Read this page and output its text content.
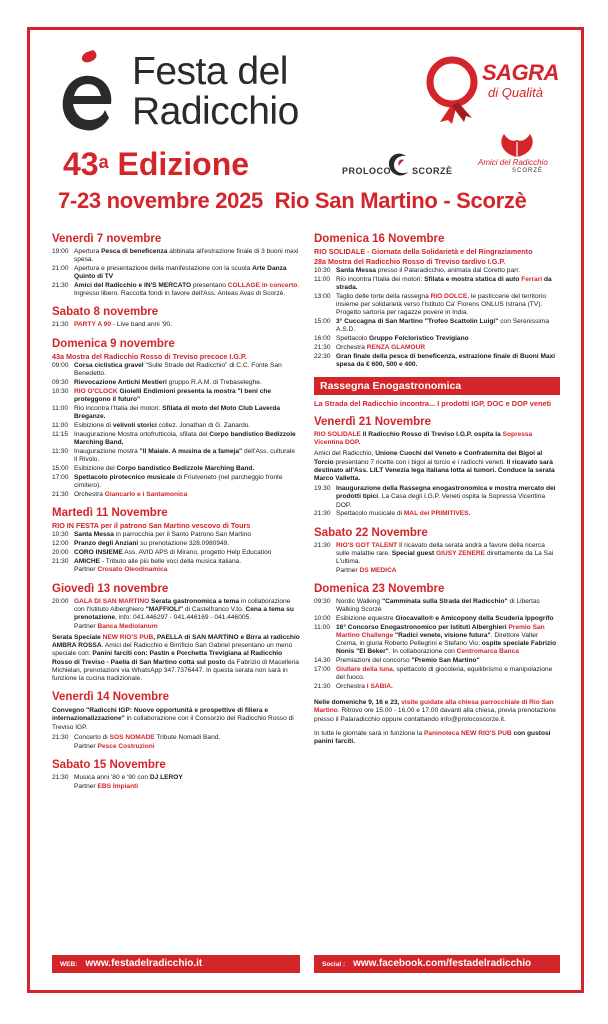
Festa del
Radicchio
43$^a$ Edizione
7-23 novembre 2025 Rio San Martino - Scorzè
SAGRA
di Qualità
PROLOCO SCORZÈ
Amici del Radicchio
SCORZÈ
Venerdì 7 novembre
19:00 Apertura Pesca di beneficenza abbinata all'estrazione finale di 3 buoni maxi spesa.
21:00 Apertura e presentazione della manifestazione con la scuola Arte Danza Quinto di TV
21:30 Amici del Radicchio e IN'S MERCATO presentano COLLAGE in concerto. Ingresso libero. Raccolta fondi in favore dell'Ass. Anteas Avas di Scorzè.
Sabato 8 novembre
21:30 PARTY A 90 - Live band anni '90.
Domenica 9 novembre
43a Mostra del Radicchio Rosso di Treviso precoce I.G.P.
09:00 Corsa ciclistica gravel "Sulle Strade del Radicchio" di C.C. Fonte San Benedetto.
09:30 Rievocazione Antichi Mestieri gruppo R.A.M. di Trebaseleghe.
10:30 RIO O'CLOCK Gioielli Endimioni presenta la mostra "I beni che proteggono il futuro"
11:00 Rio incontra l'Italia dei motori: Sfilata di moto del Moto Club Laverda Breganze.
11:00 Esibizione di velivoli storici collez. Jonathan di G. Zanardo.
11:15 Inaugurazione Mostra ortofrutticola, sfilata del Corpo bandistico Bedizzole Marching Band.
11:30 Inaugurazione mostra "Il Maiale. A musina de a fameja" dell'Ass. culturale Il Rivolo.
15:00 Esibizione del Corpo bandistico Bedizzole Marching Band.
17:00 Spettacolo pirotecnico musicale di Friulveneto (nel parcheggio fronte cimitero).
21:30 Orchestra Giancarlo e i Santamonica
Martedì 11 Novembre
RIO IN FESTA per il patrono San Martino vescovo di Tours
10:30 Santa Messa in parrocchia per il Santo Patrono San Martino
12:00 Pranzo degli Anziani su prenotazione 328.0980949.
20:00 CORO INSIEME Ass. AVID APS di Mirano, progetto Help Education
21:30 AMICHE - Tributo alle più belle voci della musica italiana.
Partner Crosato Oleodinamica
Giovedì 13 novembre
20:00 GALA DI SAN MARTINO Serata gastronomica a tema in collaborazione con l'Istituto Alberghiero "MAFFIOLI" di Castelfranco V.to. Cena a tema su prenotazione, info: 041.446297 - 041.446169 - 041.446005.
Partner Banca Mediolanum
Serata Speciale NEW RIO'S PUB, PAELLA di SAN MARTINO e Birra al radicchio AMBRA ROSSA. Amici del Radicchio e Birrificio San Gabriel presentano un menù speciale con: Panini farciti con: Pastin e Porchetta Trevigiana al Radicchio Rosso di Treviso - Paella di San Martino cotta sul posto da Fabrizio di Macelleria Michielan, prenotazioni via WhatsApp 347.7376447. In questa serata non sarà in funzione la cucina tradizionale.
Venerdì 14 Novembre
Convegno "Radicchi IGP: Nuove opportunità e prospettive di filiera e internazionalizzazione" in collaborazione con il Consorzio del Radicchio Rosso di Treviso IGP.
21:30 Concerto di SOS NOMADE Tribute Nomadi Band.
Partner Pesce Costruzioni
Sabato 15 Novembre
21:30 Musica anni '80 e '90 con DJ LEROY
Partner EBS Impianti
Domenica 16 Novembre
RIO SOLIDALE - Giornata della Solidarietà e del Ringraziamento
28a Mostra del Radicchio Rosso di Treviso tardivo I.G.P.
10:30 Santa Messa presso il Palaradicchio, animata dal Coretto parr.
11:00 Rio incontra l'Italia dei motori: Sfilata e mostra statica di auto Ferrari da strada.
13:00 Taglio delle torte della rassegna RIO DOLCE, le pasticcerie del territorio insieme per solidarietà verso l'Istituto Ca' Florens ONLUS Istrana (TV). Progetto sartoria per ragazze povere in India.
15:00 3° Cuccagna di San Martino "Trofeo Scattolin Luigi" con Serenissima A.S.D.
16:00 Spettacolo Gruppo Folcloristico Trevigiano
21:30 Orchestra RENZA GLAMOUR
22:30 Gran finale della pesca di beneficenza, estrazione finale di Buoni Maxi spesa da € 600, 500 e 400.
Rassegna Enogastronomica
La Strada del Radicchio incontra... I prodotti IGP, DOC e DOP veneti
Venerdì 21 Novembre
RIO SOLIDALE Il Radicchio Rosso di Treviso I.G.P. ospita la Sopressa Vicentina DOP.
Amici del Radicchio, Unione Cuochi del Veneto e Confraternita dei Bigoi al Torcio presentano 7 ricette con i bigoi al torcio e i radicchi veneti. Il ricavato sarà destinato all'Ass. LILT Venezia lega italiana lotta ai tumori. Conduce la serata Marco Valletta.
19.30 Inaugurazione della Rassegna enogastronomica e mostra mercato dei prodotti tipici. La Casa degli I.G.P. Veneti ospita la Sopressa Vicentina DOP.
21:30 Spettacolo musicale di MAL dei PRIMITIVES.
Sabato 22 Novembre
21:30 RIO'S GOT TALENT Il ricavato della serata andrà a favore della ricerca sulle malattie rare. Special guest GIUSY ZENERE direttamente da La Sai L'ultima.
Partner DS MEDICA
Domenica 23 Novembre
09:30 Nordic Walking "Camminata sulla Strada del Radicchio" di Libertas Walking Scorzè
10:00 Esibizione equestre Giocavallo® e Amicopony della Scuderia Ippogrifo
11:00 16° Concorso Enogastronomico per Istituti Alberghieri Premio San Martino Challenge "Radici venete, visione futura". Direttore Valter Crema, in giuria Roberto Pellegrini e Stefano Vio; ospite speciale Fabrizio Nonis "El Beker". In collaborazione con Centromarca Banca
14.30 Premiazioni del concorso "Premio San Martino"
17:00 Giullare della luna, spettacolo di giocoleria, equilibrismo e manipolazione del fuoco.
21:30 Orchestra I SABIA.
Nelle domeniche 9, 16 e 23, visite guidate alla chiesa parrocchiale di Rio San Martino. Ritrovo ore 15.00 - 16.00 e 17.00 davanti alla chiesa, previa prenotazione presso il Palaradicchio oppure contattando info@prolocoscorze.it.
In tutte le giornate sarà in funzione la Paninoteca NEW RIO'S PUB con gustosi panini farciti.
WEB: www.festadelradicchio.it	Social : www.facebook.com/festadelradicchio
